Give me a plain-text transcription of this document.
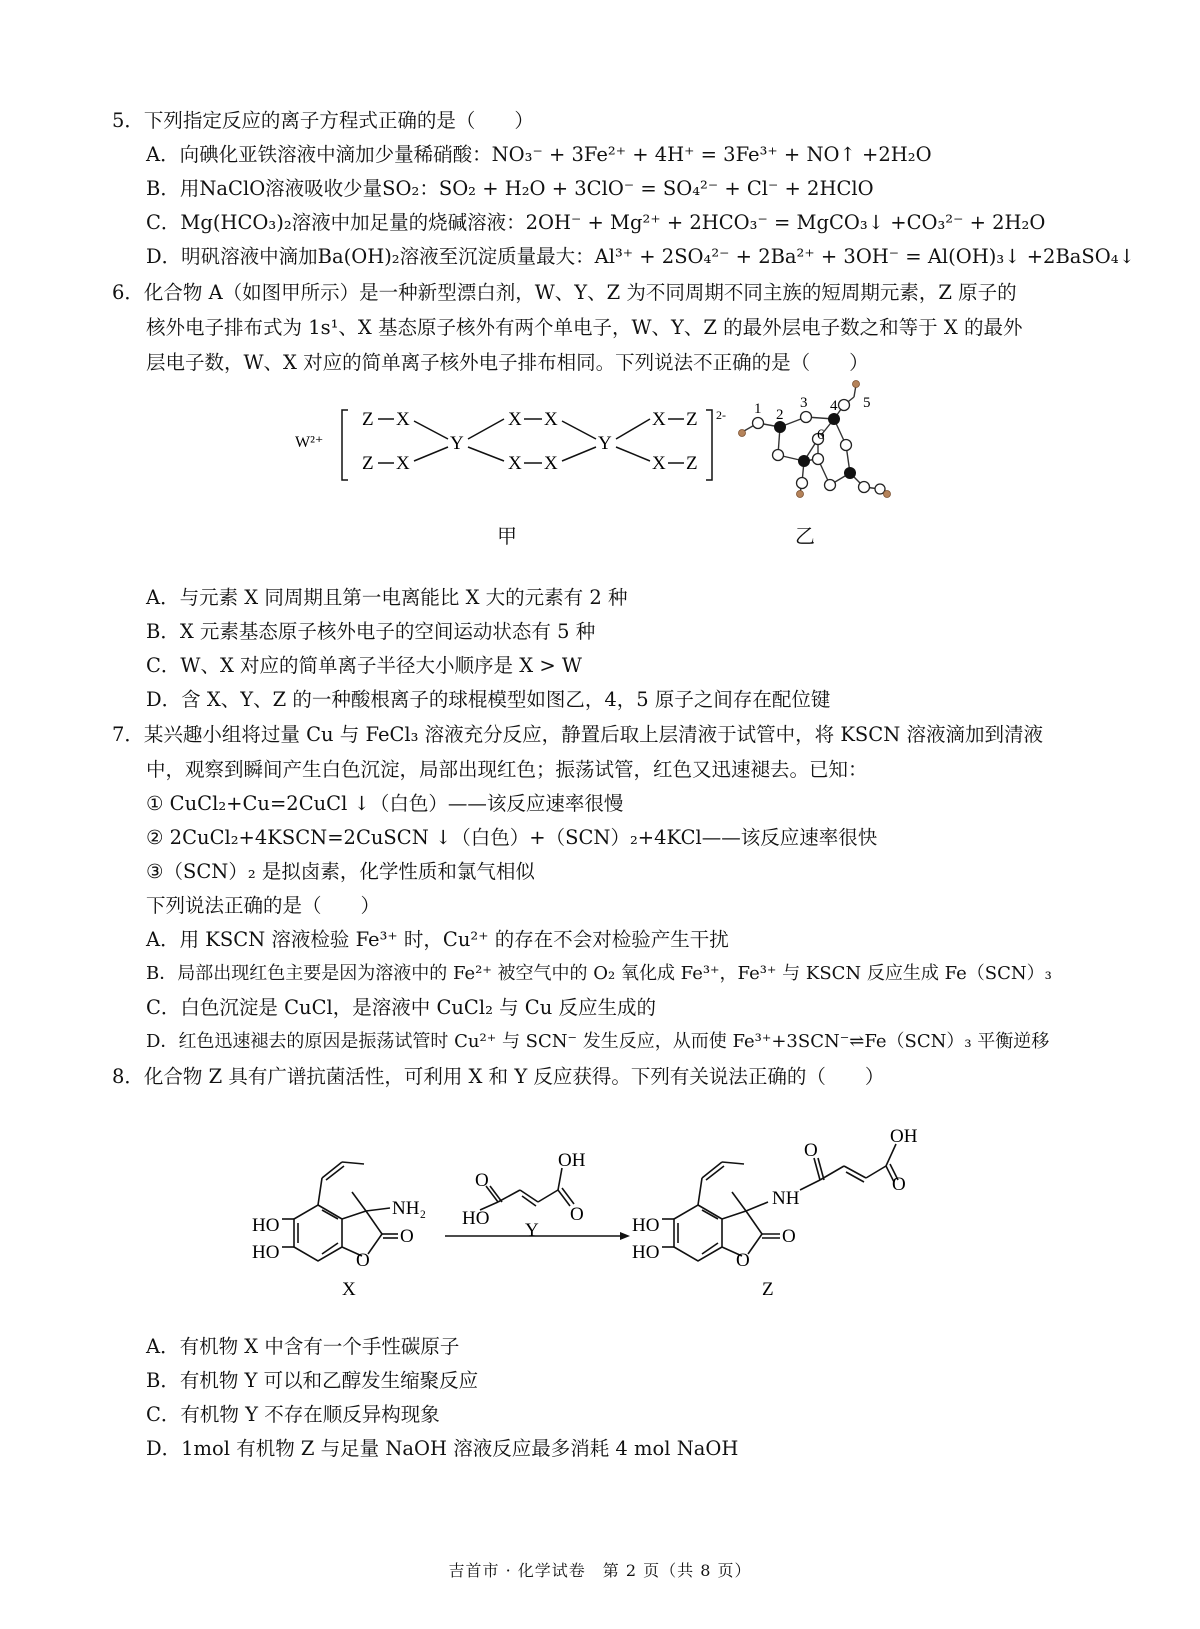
5．下列指定反应的离子方程式正确的是（　　）
A．向碘化亚铁溶液中滴加少量稀硝酸：NO₃⁻ + 3Fe²⁺ + 4H⁺ = 3Fe³⁺ + NO↑ +2H₂O
B．用NaClO溶液吸收少量SO₂：SO₂ + H₂O + 3ClO⁻ = SO₄²⁻ + Cl⁻ + 2HClO
C．Mg(HCO₃)₂溶液中加足量的烧碱溶液：2OH⁻ + Mg²⁺ + 2HCO₃⁻ = MgCO₃↓ +CO₃²⁻ + 2H₂O
D．明矾溶液中滴加Ba(OH)₂溶液至沉淀质量最大：Al³⁺ + 2SO₄²⁻ + 2Ba²⁺ + 3OH⁻ = Al(OH)₃↓ +2BaSO₄↓
6．化合物 A（如图甲所示）是一种新型漂白剂，W、Y、Z 为不同周期不同主族的短周期元素，Z 原子的
核外电子排布式为 1s¹、X 基态原子核外有两个单电子，W、Y、Z 的最外层电子数之和等于 X 的最外
层电子数，W、X 对应的简单离子核外电子排布相同。下列说法不正确的是（　　）
W²⁺
Z X
Z X
Y
X X
X X
Y
X Z
X Z
2-
甲
1 2
3 4 5
6
乙
A．与元素 X 同周期且第一电离能比 X 大的元素有 2 种
B．X 元素基态原子核外电子的空间运动状态有 5 种
C．W、X 对应的简单离子半径大小顺序是 X > W
D．含 X、Y、Z 的一种酸根离子的球棍模型如图乙，4，5 原子之间存在配位键
7．某兴趣小组将过量 Cu 与 FeCl₃ 溶液充分反应，静置后取上层清液于试管中，将 KSCN 溶液滴加到清液
中，观察到瞬间产生白色沉淀，局部出现红色；振荡试管，红色又迅速褪去。已知：
① CuCl₂+Cu=2CuCl ↓（白色）——该反应速率很慢
② 2CuCl₂+4KSCN=2CuSCN ↓（白色）+（SCN）₂+4KCl——该反应速率很快
③（SCN）₂ 是拟卤素，化学性质和氯气相似
下列说法正确的是（　　）
A．用 KSCN 溶液检验 Fe³⁺ 时，Cu²⁺ 的存在不会对检验产生干扰
B．局部出现红色主要是因为溶液中的 Fe²⁺ 被空气中的 O₂ 氧化成 Fe³⁺，Fe³⁺ 与 KSCN 反应生成 Fe（SCN）₃
C．白色沉淀是 CuCl，是溶液中 CuCl₂ 与 Cu 反应生成的
D．红色迅速褪去的原因是振荡试管时 Cu²⁺ 与 SCN⁻ 发生反应，从而使 Fe³⁺+3SCN⁻⇌Fe（SCN）₃ 平衡逆移
8．化合物 Z 具有广谱抗菌活性，可利用 X 和 Y 反应获得。下列有关说法正确的（　　）
HO
HO	O
O
NH₂
X
HO
O
OH
O
Y	HO
HO	O
O
NH
O
OH
O
Z
A．有机物 X 中含有一个手性碳原子
B．有机物 Y 可以和乙醇发生缩聚反应
C．有机物 Y 不存在顺反异构现象
D．1mol 有机物 Z 与足量 NaOH 溶液反应最多消耗 4 mol NaOH
吉首市 · 化学试卷　第 2 页（共 8 页）
